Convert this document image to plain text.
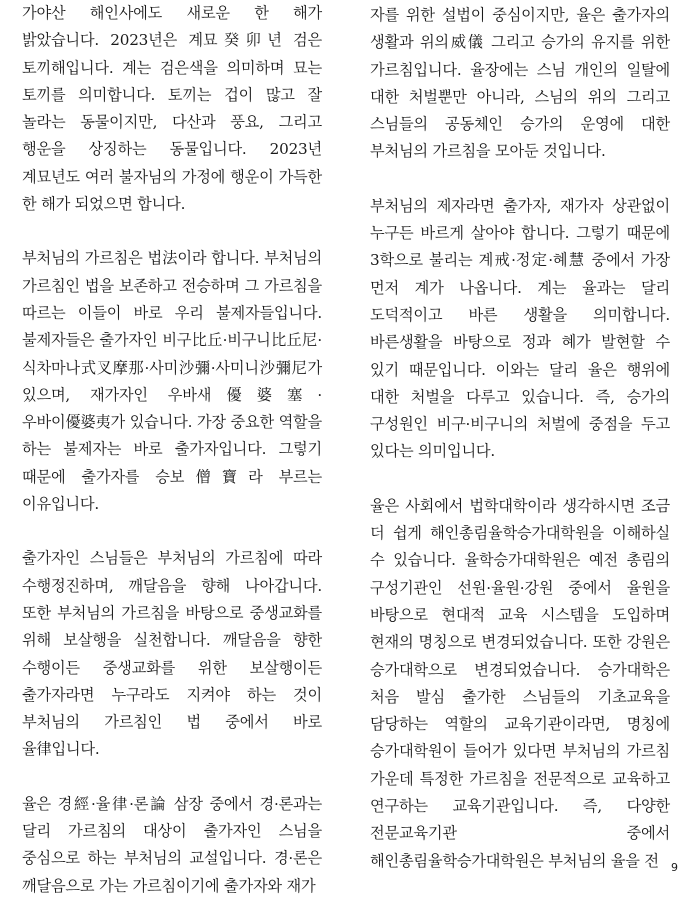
가야산 해인사에도 새로운 한 해가 밝았습니다. 2023년은 계묘癸卯년 검은 토끼해입니다. 계는 검은색을 의미하며 묘는 토끼를 의미합니다. 토끼는 겁이 많고 잘 놀라는 동물이지만, 다산과 풍요, 그리고 행운을 상징하는 동물입니다. 2023년 계묘년도 여러 불자님의 가정에 행운이 가득한 한 해가 되었으면 합니다.

부처님의 가르침은 법法이라 합니다. 부처님의 가르침인 법을 보존하고 전승하며 그 가르침을 따르는 이들이 바로 우리 불제자들입니다. 불제자들은 출가자인 비구比丘·비구니比丘尼·식차마나式叉摩那·사미沙彌·사미니沙彌尼가 있으며, 재가자인 우바새優婆塞·우바이優婆夷가 있습니다. 가장 중요한 역할을 하는 불제자는 바로 출가자입니다. 그렇기 때문에 출가자를 승보僧寶라 부르는 이유입니다.

출가자인 스님들은 부처님의 가르침에 따라 수행정진하며, 깨달음을 향해 나아갑니다. 또한 부처님의 가르침을 바탕으로 중생교화를 위해 보살행을 실천합니다. 깨달음을 향한 수행이든 중생교화를 위한 보살행이든 출가자라면 누구라도 지켜야 하는 것이 부처님의 가르침인 법 중에서 바로 율律입니다.

율은 경經·율律·론論 삼장 중에서 경·론과는 달리 가르침의 대상이 출가자인 스님을 중심으로 하는 부처님의 교설입니다. 경·론은 깨달음으로 가는 가르침이기에 출가자와 재가

자를 위한 설법이 중심이지만, 율은 출가자의 생활과 위의威儀 그리고 승가의 유지를 위한 가르침입니다. 율장에는 스님 개인의 일탈에 대한 처벌뿐만 아니라, 스님의 위의 그리고 스님들의 공동체인 승가의 운영에 대한 부처님의 가르침을 모아둔 것입니다.

부처님의 제자라면 출가자, 재가자 상관없이 누구든 바르게 살아야 합니다. 그렇기 때문에 3학으로 불리는 계戒·정定·혜慧 중에서 가장 먼저 계가 나옵니다. 계는 율과는 달리 도덕적이고 바른 생활을 의미합니다. 바른생활을 바탕으로 정과 혜가 발현할 수 있기 때문입니다. 이와는 달리 율은 행위에 대한 처벌을 다루고 있습니다. 즉, 승가의 구성원인 비구·비구니의 처벌에 중점을 두고 있다는 의미입니다.

율은 사회에서 법학대학이라 생각하시면 조금 더 쉽게 해인총림율학승가대학원을 이해하실 수 있습니다. 율학승가대학원은 예전 총림의 구성기관인 선원·율원·강원 중에서 율원을 바탕으로 현대적 교육 시스템을 도입하며 현재의 명칭으로 변경되었습니다. 또한 강원은 승가대학으로 변경되었습니다. 승가대학은 처음 발심 출가한 스님들의 기초교육을 담당하는 역할의 교육기관이라면, 명칭에 승가대학원이 들어가 있다면 부처님의 가르침 가운데 특정한 가르침을 전문적으로 교육하고 연구하는 교육기관입니다. 즉, 다양한 전문교육기관 중에서 해인총림율학승가대학원은 부처님의 율을 전	9
